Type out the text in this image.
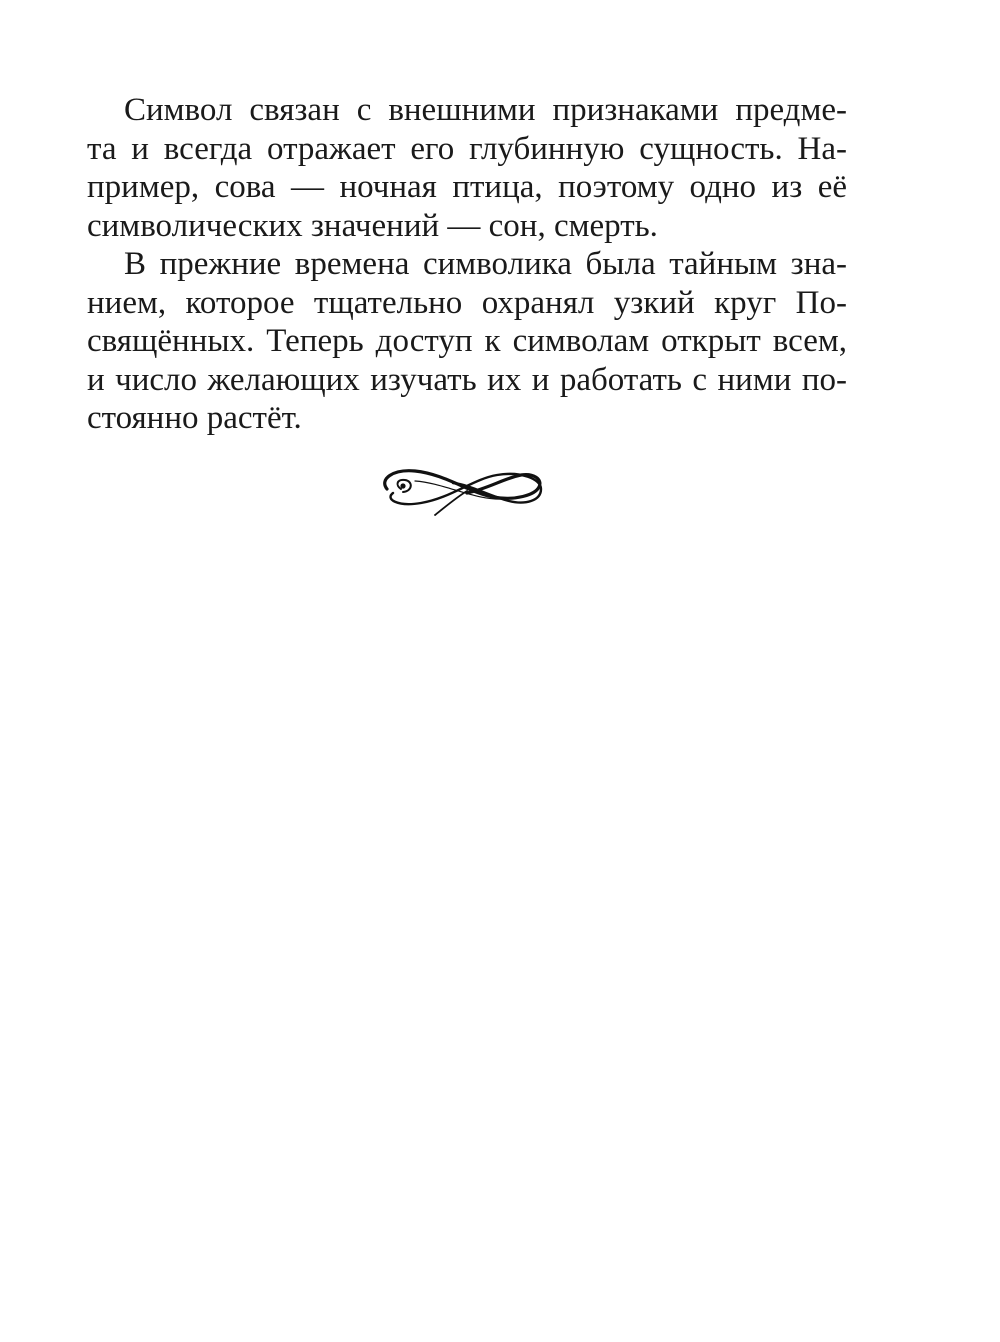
Символ связан с внешними признаками предме-
та и всегда отражает его глубинную сущность. На-
пример, сова — ночная птица, поэтому одно из её
символических значений — сон, смерть.
В прежние времена символика была тайным зна-
нием, которое тщательно охранял узкий круг По-
свящённых. Теперь доступ к символам открыт всем,
и число желающих изучать их и работать с ними по-
стоянно растёт.
